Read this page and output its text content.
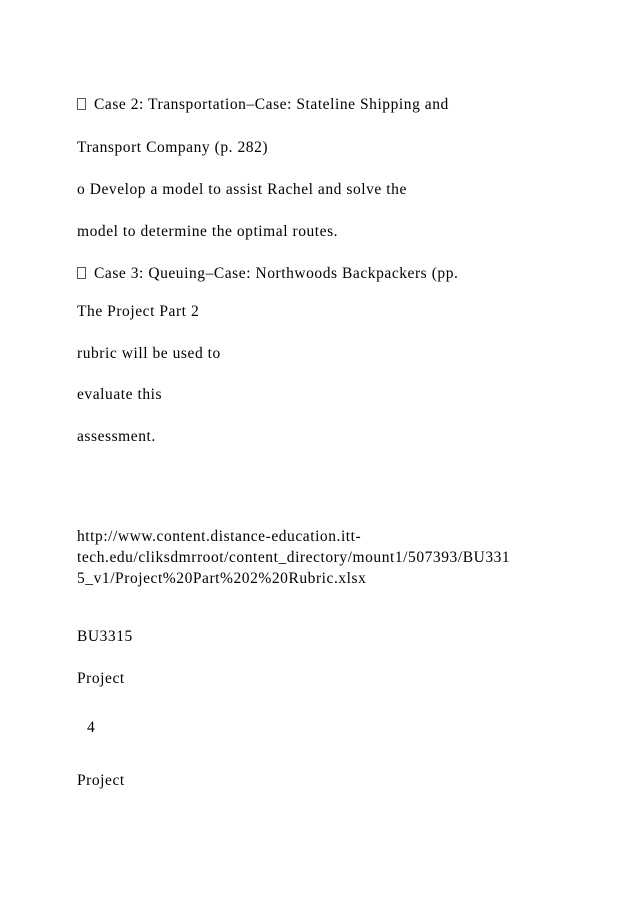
Case 2: Transportation–Case: Stateline Shipping and
Transport Company (p. 282)
o Develop a model to assist Rachel and solve the
model to determine the optimal routes.
Case 3: Queuing–Case: Northwoods Backpackers (pp.
The Project Part 2
rubric will be used to
evaluate this
assessment.
http://www.content.distance-education.itt-
tech.edu/cliksdmrroot/content_directory/mount1/507393/BU331
5_v1/Project%20Part%202%20Rubric.xlsx
BU3315
Project
4
Project
